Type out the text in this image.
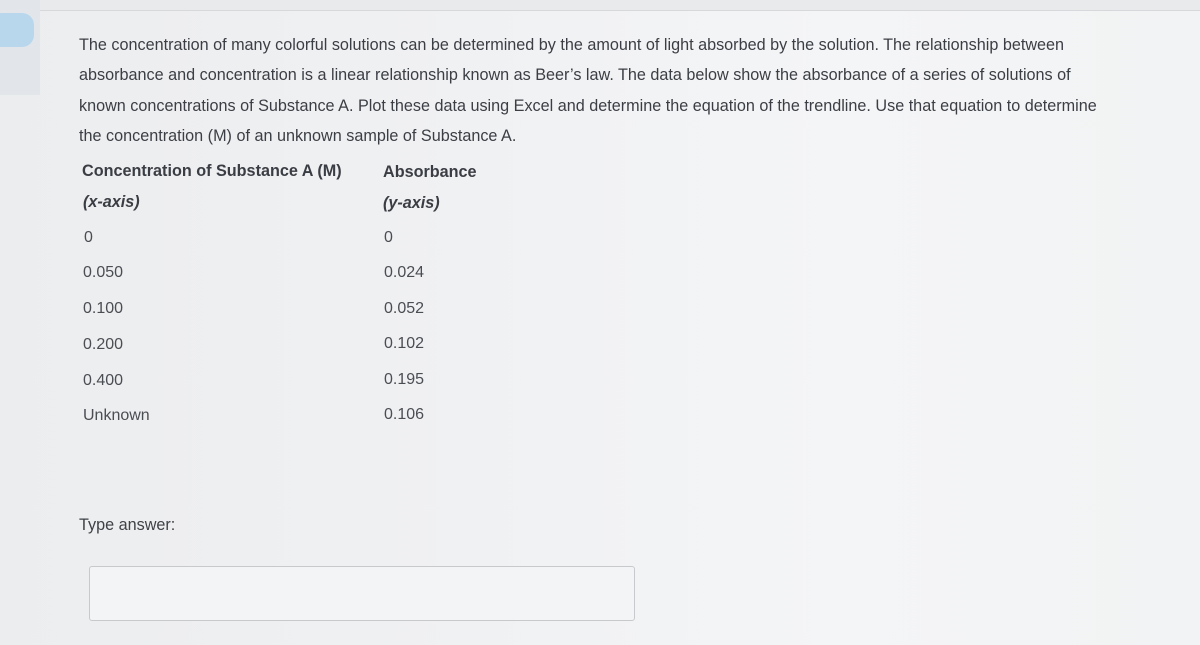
The concentration of many colorful solutions can be determined by the amount of light absorbed by the solution. The relationship between
absorbance and concentration is a linear relationship known as Beer’s law. The data below show the absorbance of a series of solutions of
known concentrations of Substance A. Plot these data using Excel and determine the equation of the trendline. Use that equation to determine
the concentration (M) of an unknown sample of Substance A.

Concentration of Substance A (M)	Absorbance
(x-axis)	(y-axis)
0	0
0.050	0.024
0.100	0.052
0.200	0.102
0.400	0.195
Unknown	0.106
Type answer:
